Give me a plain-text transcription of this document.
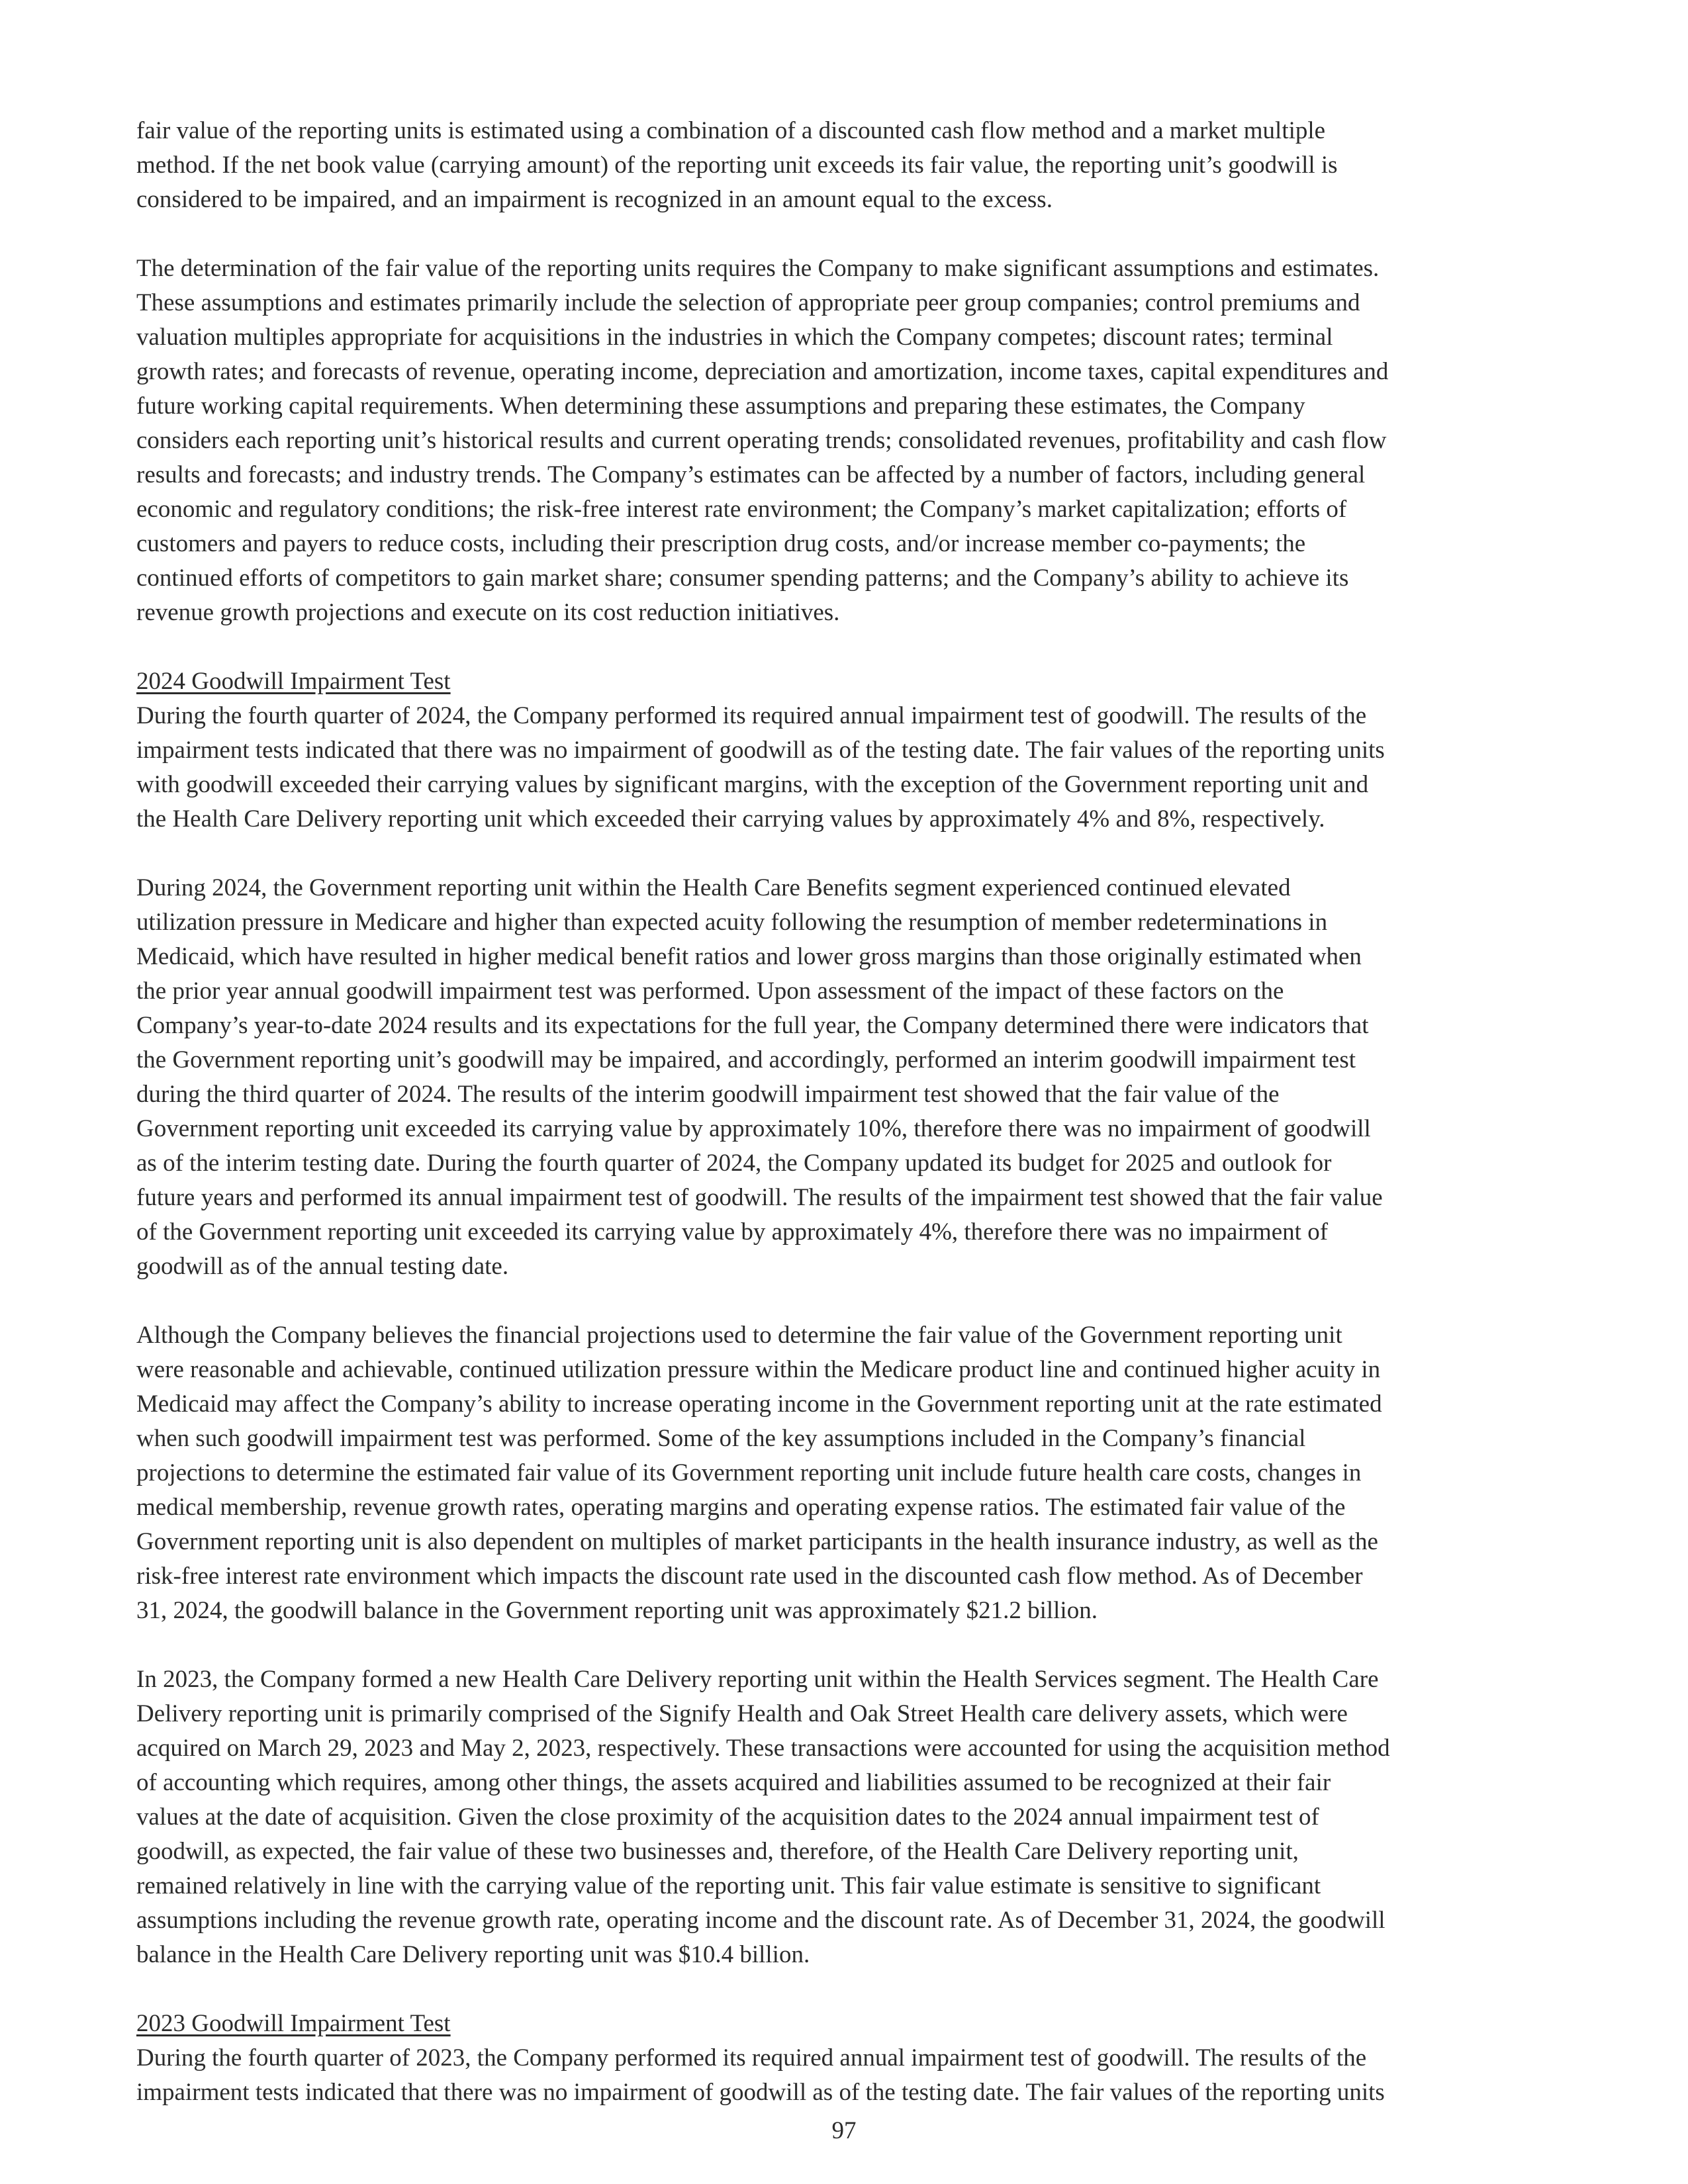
fair value of the reporting units is estimated using a combination of a discounted cash flow method and a market multiple
method. If the net book value (carrying amount) of the reporting unit exceeds its fair value, the reporting unit’s goodwill is
considered to be impaired, and an impairment is recognized in an amount equal to the excess.
The determination of the fair value of the reporting units requires the Company to make significant assumptions and estimates.
These assumptions and estimates primarily include the selection of appropriate peer group companies; control premiums and
valuation multiples appropriate for acquisitions in the industries in which the Company competes; discount rates; terminal
growth rates; and forecasts of revenue, operating income, depreciation and amortization, income taxes, capital expenditures and
future working capital requirements. When determining these assumptions and preparing these estimates, the Company
considers each reporting unit’s historical results and current operating trends; consolidated revenues, profitability and cash flow
results and forecasts; and industry trends. The Company’s estimates can be affected by a number of factors, including general
economic and regulatory conditions; the risk-free interest rate environment; the Company’s market capitalization; efforts of
customers and payers to reduce costs, including their prescription drug costs, and/or increase member co-payments; the
continued efforts of competitors to gain market share; consumer spending patterns; and the Company’s ability to achieve its
revenue growth projections and execute on its cost reduction initiatives.
2024 Goodwill Impairment Test
During the fourth quarter of 2024, the Company performed its required annual impairment test of goodwill. The results of the
impairment tests indicated that there was no impairment of goodwill as of the testing date. The fair values of the reporting units
with goodwill exceeded their carrying values by significant margins, with the exception of the Government reporting unit and
the Health Care Delivery reporting unit which exceeded their carrying values by approximately 4% and 8%, respectively.
During 2024, the Government reporting unit within the Health Care Benefits segment experienced continued elevated
utilization pressure in Medicare and higher than expected acuity following the resumption of member redeterminations in
Medicaid, which have resulted in higher medical benefit ratios and lower gross margins than those originally estimated when
the prior year annual goodwill impairment test was performed. Upon assessment of the impact of these factors on the
Company’s year-to-date 2024 results and its expectations for the full year, the Company determined there were indicators that
the Government reporting unit’s goodwill may be impaired, and accordingly, performed an interim goodwill impairment test
during the third quarter of 2024. The results of the interim goodwill impairment test showed that the fair value of the
Government reporting unit exceeded its carrying value by approximately 10%, therefore there was no impairment of goodwill
as of the interim testing date. During the fourth quarter of 2024, the Company updated its budget for 2025 and outlook for
future years and performed its annual impairment test of goodwill. The results of the impairment test showed that the fair value
of the Government reporting unit exceeded its carrying value by approximately 4%, therefore there was no impairment of
goodwill as of the annual testing date.
Although the Company believes the financial projections used to determine the fair value of the Government reporting unit
were reasonable and achievable, continued utilization pressure within the Medicare product line and continued higher acuity in
Medicaid may affect the Company’s ability to increase operating income in the Government reporting unit at the rate estimated
when such goodwill impairment test was performed. Some of the key assumptions included in the Company’s financial
projections to determine the estimated fair value of its Government reporting unit include future health care costs, changes in
medical membership, revenue growth rates, operating margins and operating expense ratios. The estimated fair value of the
Government reporting unit is also dependent on multiples of market participants in the health insurance industry, as well as the
risk-free interest rate environment which impacts the discount rate used in the discounted cash flow method. As of December
31, 2024, the goodwill balance in the Government reporting unit was approximately $21.2 billion.
In 2023, the Company formed a new Health Care Delivery reporting unit within the Health Services segment. The Health Care
Delivery reporting unit is primarily comprised of the Signify Health and Oak Street Health care delivery assets, which were
acquired on March 29, 2023 and May 2, 2023, respectively. These transactions were accounted for using the acquisition method
of accounting which requires, among other things, the assets acquired and liabilities assumed to be recognized at their fair
values at the date of acquisition. Given the close proximity of the acquisition dates to the 2024 annual impairment test of
goodwill, as expected, the fair value of these two businesses and, therefore, of the Health Care Delivery reporting unit,
remained relatively in line with the carrying value of the reporting unit. This fair value estimate is sensitive to significant
assumptions including the revenue growth rate, operating income and the discount rate. As of December 31, 2024, the goodwill
balance in the Health Care Delivery reporting unit was $10.4 billion.
2023 Goodwill Impairment Test
During the fourth quarter of 2023, the Company performed its required annual impairment test of goodwill. The results of the
impairment tests indicated that there was no impairment of goodwill as of the testing date. The fair values of the reporting units
97
